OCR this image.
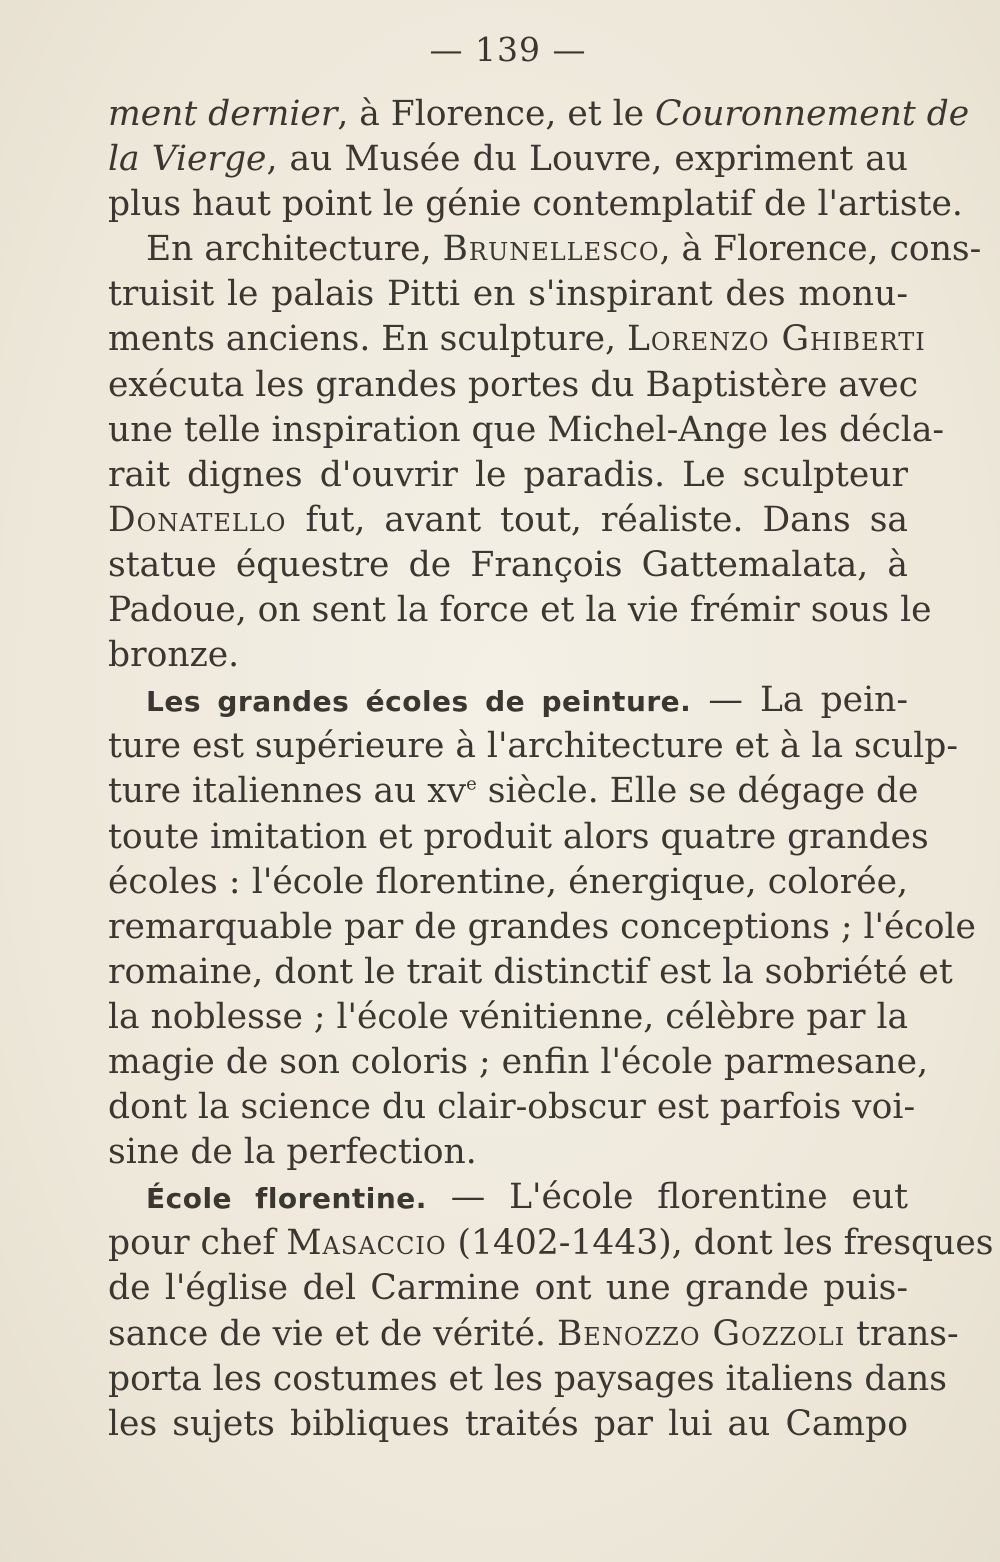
— 139 —
ment dernier, à Florence, et le Couronnement de
la Vierge, au Musée du Louvre, expriment au
plus haut point le génie contemplatif de l'artiste.
En architecture, Brunellesco, à Florence, cons-
truisit le palais Pitti en s'inspirant des monu-
ments anciens. En sculpture, Lorenzo Ghiberti
exécuta les grandes portes du Baptistère avec
une telle inspiration que Michel-Ange les décla-
rait dignes d'ouvrir le paradis. Le sculpteur
Donatello fut, avant tout, réaliste. Dans sa
statue équestre de François Gattemalata, à
Padoue, on sent la force et la vie frémir sous le
bronze.
Les grandes écoles de peinture. — La pein-
ture est supérieure à l'architecture et à la sculp-
ture italiennes au $xv^e$ siècle. Elle se dégage de
toute imitation et produit alors quatre grandes
écoles : l'école florentine, énergique, colorée,
remarquable par de grandes conceptions ; l'école
romaine, dont le trait distinctif est la sobriété et
la noblesse ; l'école vénitienne, célèbre par la
magie de son coloris ; enfin l'école parmesane,
dont la science du clair-obscur est parfois voi-
sine de la perfection.
École florentine. — L'école florentine eut
pour chef Masaccio (1402-1443), dont les fresques
de l'église del Carmine ont une grande puis-
sance de vie et de vérité. Benozzo Gozzoli trans-
porta les costumes et les paysages italiens dans
les sujets bibliques traités par lui au Campo
